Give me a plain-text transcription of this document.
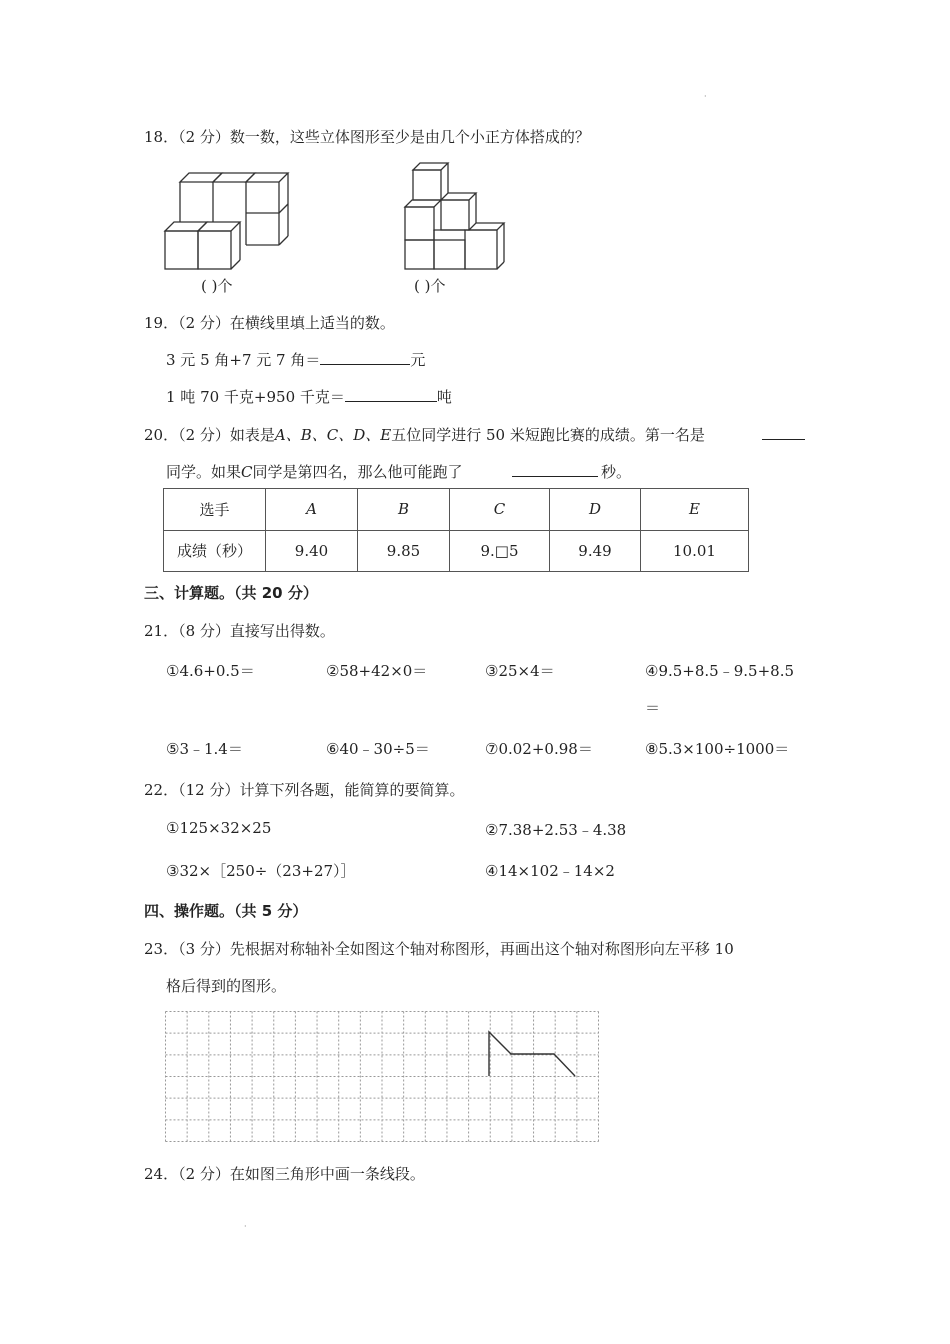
·
·
18．（2 分）数一数，这些立体图形至少是由几个小正方体搭成的？
( )个	( )个
19．（2 分）在横线里填上适当的数。
3 元 5 角+7 元 7 角＝	元
1 吨 70 千克+950 千克＝	吨
20．（2 分）如表是A、B、C、D、E五位同学进行 50 米短跑比赛的成绩。第一名是
同学。如果C同学是第四名，那么他可能跑了	秒。
选手	A	B	C	D	E
成绩（秒）	9.40	9.85	9.□5	9.49	10.01
三、计算题。（共 20 分）
21．（8 分）直接写出得数。
①4.6+0.5＝	②58+42×0＝	③25×4＝	④9.5+8.5﹣9.5+8.5
＝
⑤3﹣1.4＝	⑥40﹣30÷5＝	⑦0.02+0.98＝	⑧5.3×100÷1000＝
22．（12 分）计算下列各题，能简算的要简算。
①125×32×25	②7.38+2.53﹣4.38
③32×［250÷（23+27）］	④14×102﹣14×2
四、操作题。（共 5 分）
23．（3 分）先根据对称轴补全如图这个轴对称图形，再画出这个轴对称图形向左平移 10
格后得到的图形。
24．（2 分）在如图三角形中画一条线段。
